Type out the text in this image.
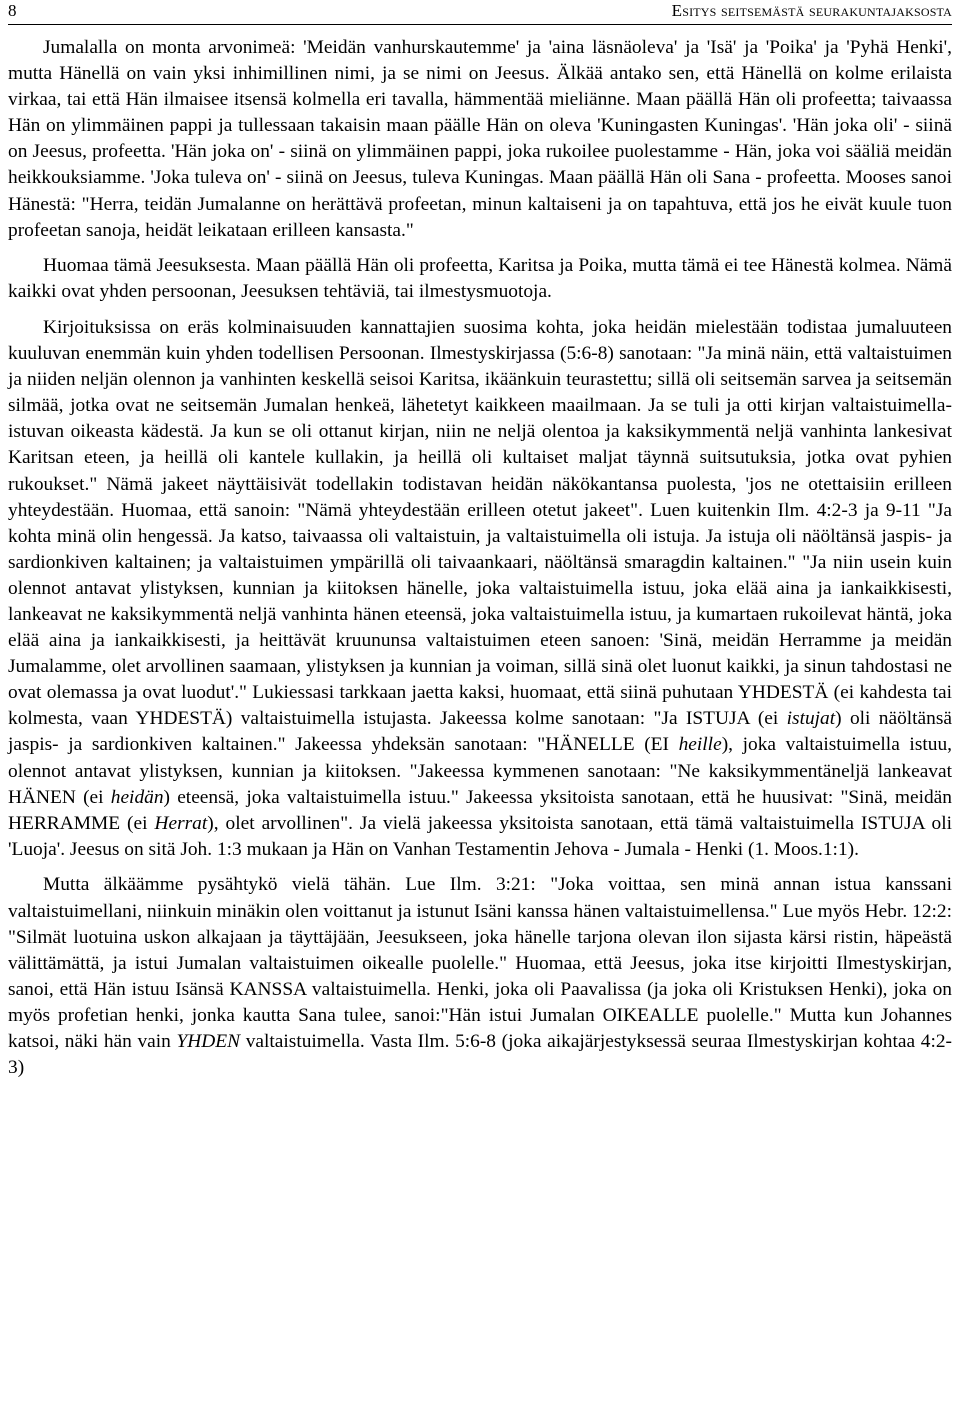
8	Esitys seitsemästä seurakuntajaksosta

Jumalalla on monta arvonimeä: 'Meidän vanhurskautemme' ja 'aina läsnäoleva' ja 'Isä' ja 'Poika' ja 'Pyhä Henki', mutta Hänellä on vain yksi inhimillinen nimi, ja se nimi on Jeesus. Älkää antako sen, että Hänellä on kolme erilaista virkaa, tai että Hän ilmaisee itsensä kolmella eri tavalla, hämmentää mieliänne. Maan päällä Hän oli profeetta; taivaassa Hän on ylimmäinen pappi ja tullessaan takaisin maan päälle Hän on oleva 'Kuningasten Kuningas'. 'Hän joka oli' - siinä on Jeesus, profeetta. 'Hän joka on' - siinä on ylimmäinen pappi, joka rukoilee puolestamme - Hän, joka voi sääliä meidän heikkouksiamme. 'Joka tuleva on' - siinä on Jeesus, tuleva Kuningas. Maan päällä Hän oli Sana - profeetta. Mooses sanoi Hänestä: "Herra, teidän Jumalanne on herättävä profeetan, minun kaltaiseni ja on tapahtuva, että jos he eivät kuule tuon profeetan sanoja, heidät leikataan erilleen kansasta."

Huomaa tämä Jeesuksesta. Maan päällä Hän oli profeetta, Karitsa ja Poika, mutta tämä ei tee Hänestä kolmea. Nämä kaikki ovat yhden persoonan, Jeesuksen tehtäviä, tai ilmestysmuotoja.

Kirjoituksissa on eräs kolminaisuuden kannattajien suosima kohta, joka heidän mielestään todistaa jumaluuteen kuuluvan enemmän kuin yhden todellisen Persoonan. Ilmestyskirjassa (5:6-8) sanotaan: "Ja minä näin, että valtaistuimen ja niiden neljän olennon ja vanhinten keskellä seisoi Karitsa, ikäänkuin teurastettu; sillä oli seitsemän sarvea ja seitsemän silmää, jotka ovat ne seitsemän Jumalan henkeä, lähetetyt kaikkeen maailmaan. Ja se tuli ja otti kirjan valtaistuimella-istuvan oikeasta kädestä. Ja kun se oli ottanut kirjan, niin ne neljä olentoa ja kaksikymmentä neljä vanhinta lankesivat Karitsan eteen, ja heillä oli kantele kullakin, ja heillä oli kultaiset maljat täynnä suitsutuksia, jotka ovat pyhien rukoukset." Nämä jakeet näyttäisivät todellakin todistavan heidän näkökantansa puolesta, 'jos ne otettaisiin erilleen yhteydestään. Huomaa, että sanoin: "Nämä yhteydestään erilleen otetut jakeet". Luen kuitenkin Ilm. 4:2-3 ja 9-11 "Ja kohta minä olin hengessä. Ja katso, taivaassa oli valtaistuin, ja valtaistuimella oli istuja. Ja istuja oli näöltänsä jaspis- ja sardionkiven kaltainen; ja valtaistuimen ympärillä oli taivaankaari, näöltänsä smaragdin kaltainen." "Ja niin usein kuin olennot antavat ylistyksen, kunnian ja kiitoksen hänelle, joka valtaistuimella istuu, joka elää aina ja iankaikkisesti, lankeavat ne kaksikymmentä neljä vanhinta hänen eteensä, joka valtaistuimella istuu, ja kumartaen rukoilevat häntä, joka elää aina ja iankaikkisesti, ja heittävät kruununsa valtaistuimen eteen sanoen: 'Sinä, meidän Herramme ja meidän Jumalamme, olet arvollinen saamaan, ylistyksen ja kunnian ja voiman, sillä sinä olet luonut kaikki, ja sinun tahdostasi ne ovat olemassa ja ovat luodut'." Lukiessasi tarkkaan jaetta kaksi, huomaat, että siinä puhutaan YHDESTÄ (ei kahdesta tai kolmesta, vaan YHDESTÄ) valtaistuimella istujasta. Jakeessa kolme sanotaan: "Ja ISTUJA (ei istujat) oli näöltänsä jaspis- ja sardionkiven kaltainen." Jakeessa yhdeksän sanotaan: "HÄNELLE (EI heille), joka valtaistuimella istuu, olennot antavat ylistyksen, kunnian ja kiitoksen. "Jakeessa kymmenen sanotaan: "Ne kaksikymmentäneljä lankeavat HÄNEN (ei heidän) eteensä, joka valtaistuimella istuu." Jakeessa yksitoista sanotaan, että he huusivat: "Sinä, meidän HERRAMME (ei Herrat), olet arvollinen". Ja vielä jakeessa yksitoista sanotaan, että tämä valtaistuimella ISTUJA oli 'Luoja'. Jeesus on sitä Joh. 1:3 mukaan ja Hän on Vanhan Testamentin Jehova - Jumala - Henki (1. Moos.1:1).

Mutta älkäämme pysähtykö vielä tähän. Lue Ilm. 3:21: "Joka voittaa, sen minä annan istua kanssani valtaistuimellani, niinkuin minäkin olen voittanut ja istunut Isäni kanssa hänen valtaistuimellensa." Lue myös Hebr. 12:2: "Silmät luotuina uskon alkajaan ja täyttäjään, Jeesukseen, joka hänelle tarjona olevan ilon sijasta kärsi ristin, häpeästä välittämättä, ja istui Jumalan valtaistuimen oikealle puolelle." Huomaa, että Jeesus, joka itse kirjoitti Ilmestyskirjan, sanoi, että Hän istuu Isänsä KANSSA valtaistuimella. Henki, joka oli Paavalissa (ja joka oli Kristuksen Henki), joka on myös profetian henki, jonka kautta Sana tulee, sanoi:"Hän istui Jumalan OIKEALLE puolelle." Mutta kun Johannes katsoi, näki hän vain YHDEN valtaistuimella. Vasta Ilm. 5:6-8 (joka aikajärjestyksessä seuraa Ilmestyskirjan kohtaa 4:2-3)
